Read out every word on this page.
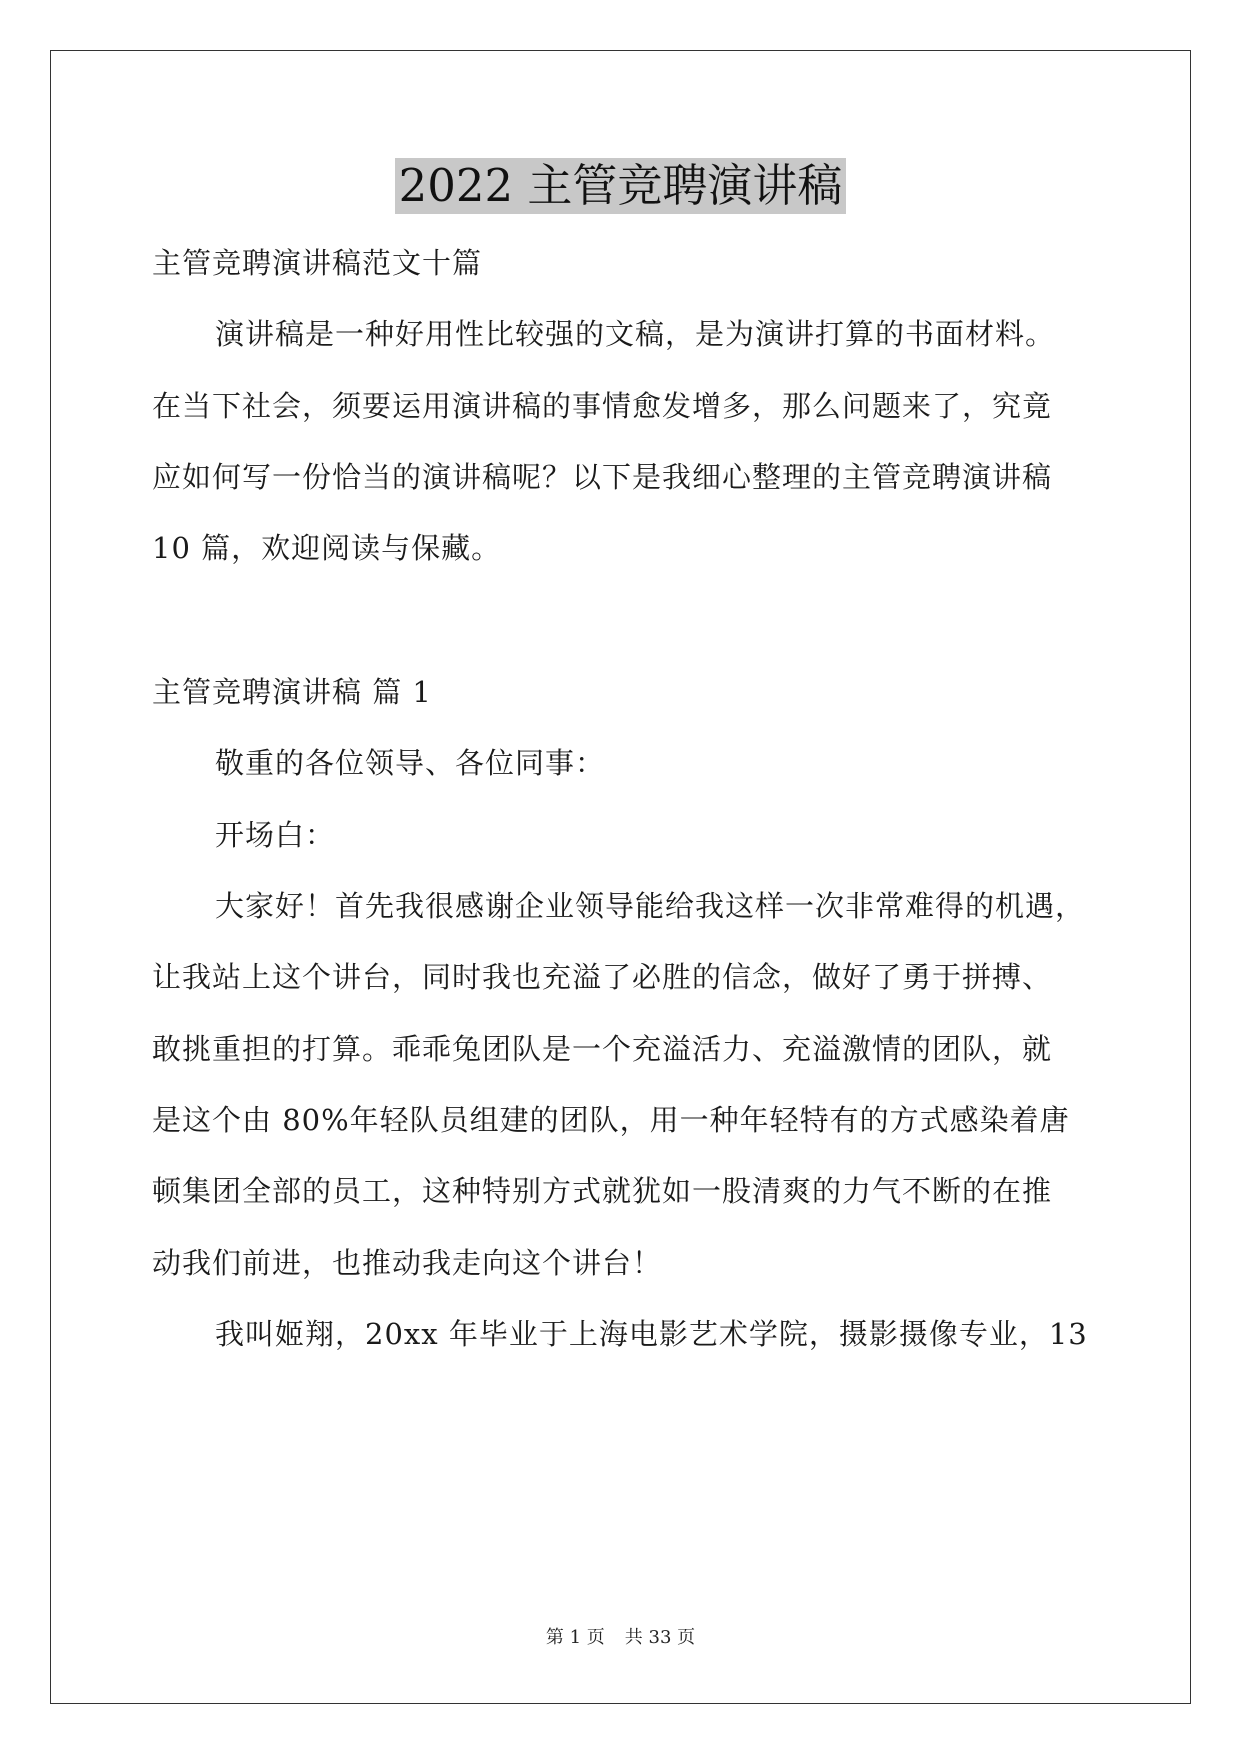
2022 主管竞聘演讲稿
主管竞聘演讲稿范文十篇
演讲稿是一种好用性比较强的文稿，是为演讲打算的书面材料。
在当下社会，须要运用演讲稿的事情愈发增多，那么问题来了，究竟
应如何写一份恰当的演讲稿呢？以下是我细心整理的主管竞聘演讲稿
10 篇，欢迎阅读与保藏。
主管竞聘演讲稿 篇 1
敬重的各位领导、各位同事：
开场白：
大家好！首先我很感谢企业领导能给我这样一次非常难得的机遇，
让我站上这个讲台，同时我也充溢了必胜的信念，做好了勇于拼搏、
敢挑重担的打算。乖乖兔团队是一个充溢活力、充溢激情的团队，就
是这个由 80%年轻队员组建的团队，用一种年轻特有的方式感染着唐
顿集团全部的员工，这种特别方式就犹如一股清爽的力气不断的在推
动我们前进，也推动我走向这个讲台！
我叫姬翔，20xx 年毕业于上海电影艺术学院，摄影摄像专业，13
第 1 页 共 33 页
